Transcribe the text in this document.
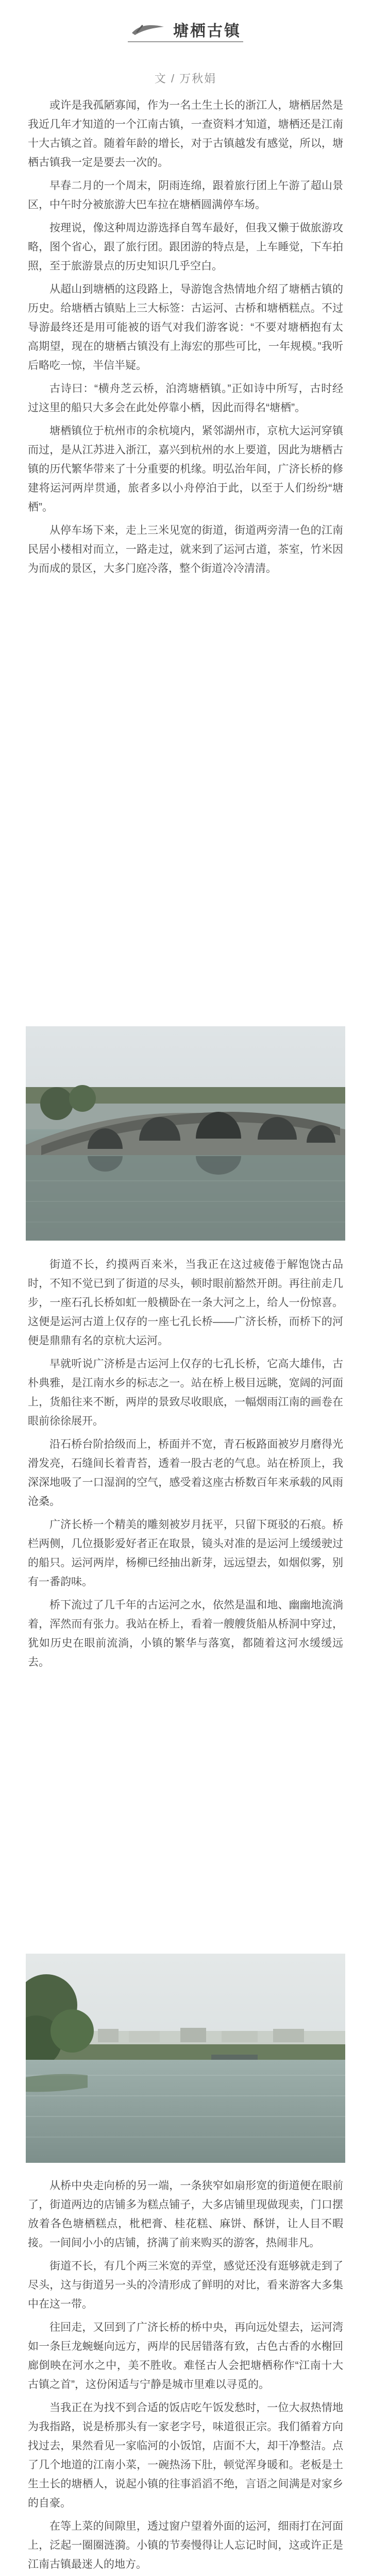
塘栖古镇
文 / 万秋娟

或许是我孤陋寡闻，作为一名土生土长的浙江人，塘栖居然是我近几年才知道的一个江南古镇，一查资料才知道，塘栖还是江南十大古镇之首。随着年龄的增长，对于古镇越发有感觉，所以，塘栖古镇我一定是要去一次的。

早春二月的一个周末，阴雨连绵，跟着旅行团上午游了超山景区，中午时分被旅游大巴车拉在塘栖圆满停车场。

按理说，像这种周边游选择自驾车最好，但我又懒于做旅游攻略，图个省心，跟了旅行团。跟团游的特点是，上车睡觉，下车拍照，至于旅游景点的历史知识几乎空白。

从超山到塘栖的这段路上，导游饱含热情地介绍了塘栖古镇的历史。给塘栖古镇贴上三大标签：古运河、古桥和塘栖糕点。不过导游最终还是用可能被的语气对我们游客说：“不要对塘栖抱有太高期望，现在的塘栖古镇没有上海宏的那些可比，一年规模。”我听后略吃一惊，半信半疑。

古诗曰：“横舟芝云桥，泊湾塘栖镇。”正如诗中所写，古时经过这里的船只大多会在此处停靠小栖，因此而得名“塘栖”。

塘栖镇位于杭州市的余杭境内，紧邻湖州市，京杭大运河穿镇而过，是从江苏进入浙江，嘉兴到杭州的水上要道，因此为塘栖古镇的历代繁华带来了十分重要的机缘。明弘治年间，广济长桥的修建将运河两岸贯通，旅者多以小舟停泊于此，以至于人们纷纷“塘栖”。

从停车场下来，走上三米见宽的街道，街道两旁清一色的江南民居小楼相对而立，一路走过，就来到了运河古道，茶室，竹米因为而成的景区，大多门庭冷落，整个街道冷冷清清。

街道不长，约摸两百来米，当我正在这过疲倦于解饱饶古品时，不知不觉已到了街道的尽头，顿时眼前豁然开朗。再往前走几步，一座石孔长桥如虹一般横卧在一条大河之上，给人一份惊喜。这便是运河古道上仅存的一座七孔长桥——广济长桥，而桥下的河便是鼎鼎有名的京杭大运河。

早就听说广济桥是古运河上仅存的七孔长桥，它高大雄伟，古朴典雅，是江南水乡的标志之一。站在桥上极目远眺，宽阔的河面上，货船往来不断，两岸的景致尽收眼底，一幅烟雨江南的画卷在眼前徐徐展开。

沿石桥台阶拾级而上，桥面并不宽，青石板路面被岁月磨得光滑发亮，石缝间长着青苔，透着一股古老的气息。站在桥顶上，我深深地吸了一口湿润的空气，感受着这座古桥数百年来承载的风雨沧桑。

广济长桥一个精美的雕刻被岁月抚平，只留下斑驳的石痕。桥栏两侧，几位摄影爱好者正在取景，镜头对准的是运河上缓缓驶过的船只。运河两岸，杨柳已经抽出新芽，远远望去，如烟似雾，别有一番韵味。

桥下流过了几千年的古运河之水，依然是温和地、幽幽地流淌着，浑然而有张力。我站在桥上，看着一艘艘货船从桥洞中穿过，犹如历史在眼前流淌，小镇的繁华与落寞，都随着这河水缓缓远去。

从桥中央走向桥的另一端，一条狭窄如扇形宽的街道便在眼前了，街道两边的店铺多为糕点铺子，大多店铺里现做现卖，门口摆放着各色塘栖糕点，枇杷膏、桂花糕、麻饼、酥饼，让人目不暇接。一间间小小的店铺，挤满了前来购买的游客，热闹非凡。

街道不长，有几个两三米宽的弄堂，感觉还没有逛够就走到了尽头，这与街道另一头的冷清形成了鲜明的对比，看来游客大多集中在这一带。

往回走，又回到了广济长桥的桥中央，再向远处望去，运河湾如一条巨龙蜿蜒向远方，两岸的民居错落有致，古色古香的水榭回廊倒映在河水之中，美不胜收。难怪古人会把塘栖称作“江南十大古镇之首”，这份闲适与宁静是城市里难以寻觅的。

当我正在为找不到合适的饭店吃午饭发愁时，一位大叔热情地为我指路，说是桥那头有一家老字号，味道很正宗。我们循着方向找过去，果然看见一家临河的小饭馆，店面不大，却干净整洁。点了几个地道的江南小菜，一碗热汤下肚，顿觉浑身暖和。老板是土生土长的塘栖人，说起小镇的往事滔滔不绝，言语之间满是对家乡的自豪。

在等上菜的间隙里，透过窗户望着外面的运河，细雨打在河面上，泛起一圈圈涟漪。小镇的节奏慢得让人忘记时间，这或许正是江南古镇最迷人的地方。
